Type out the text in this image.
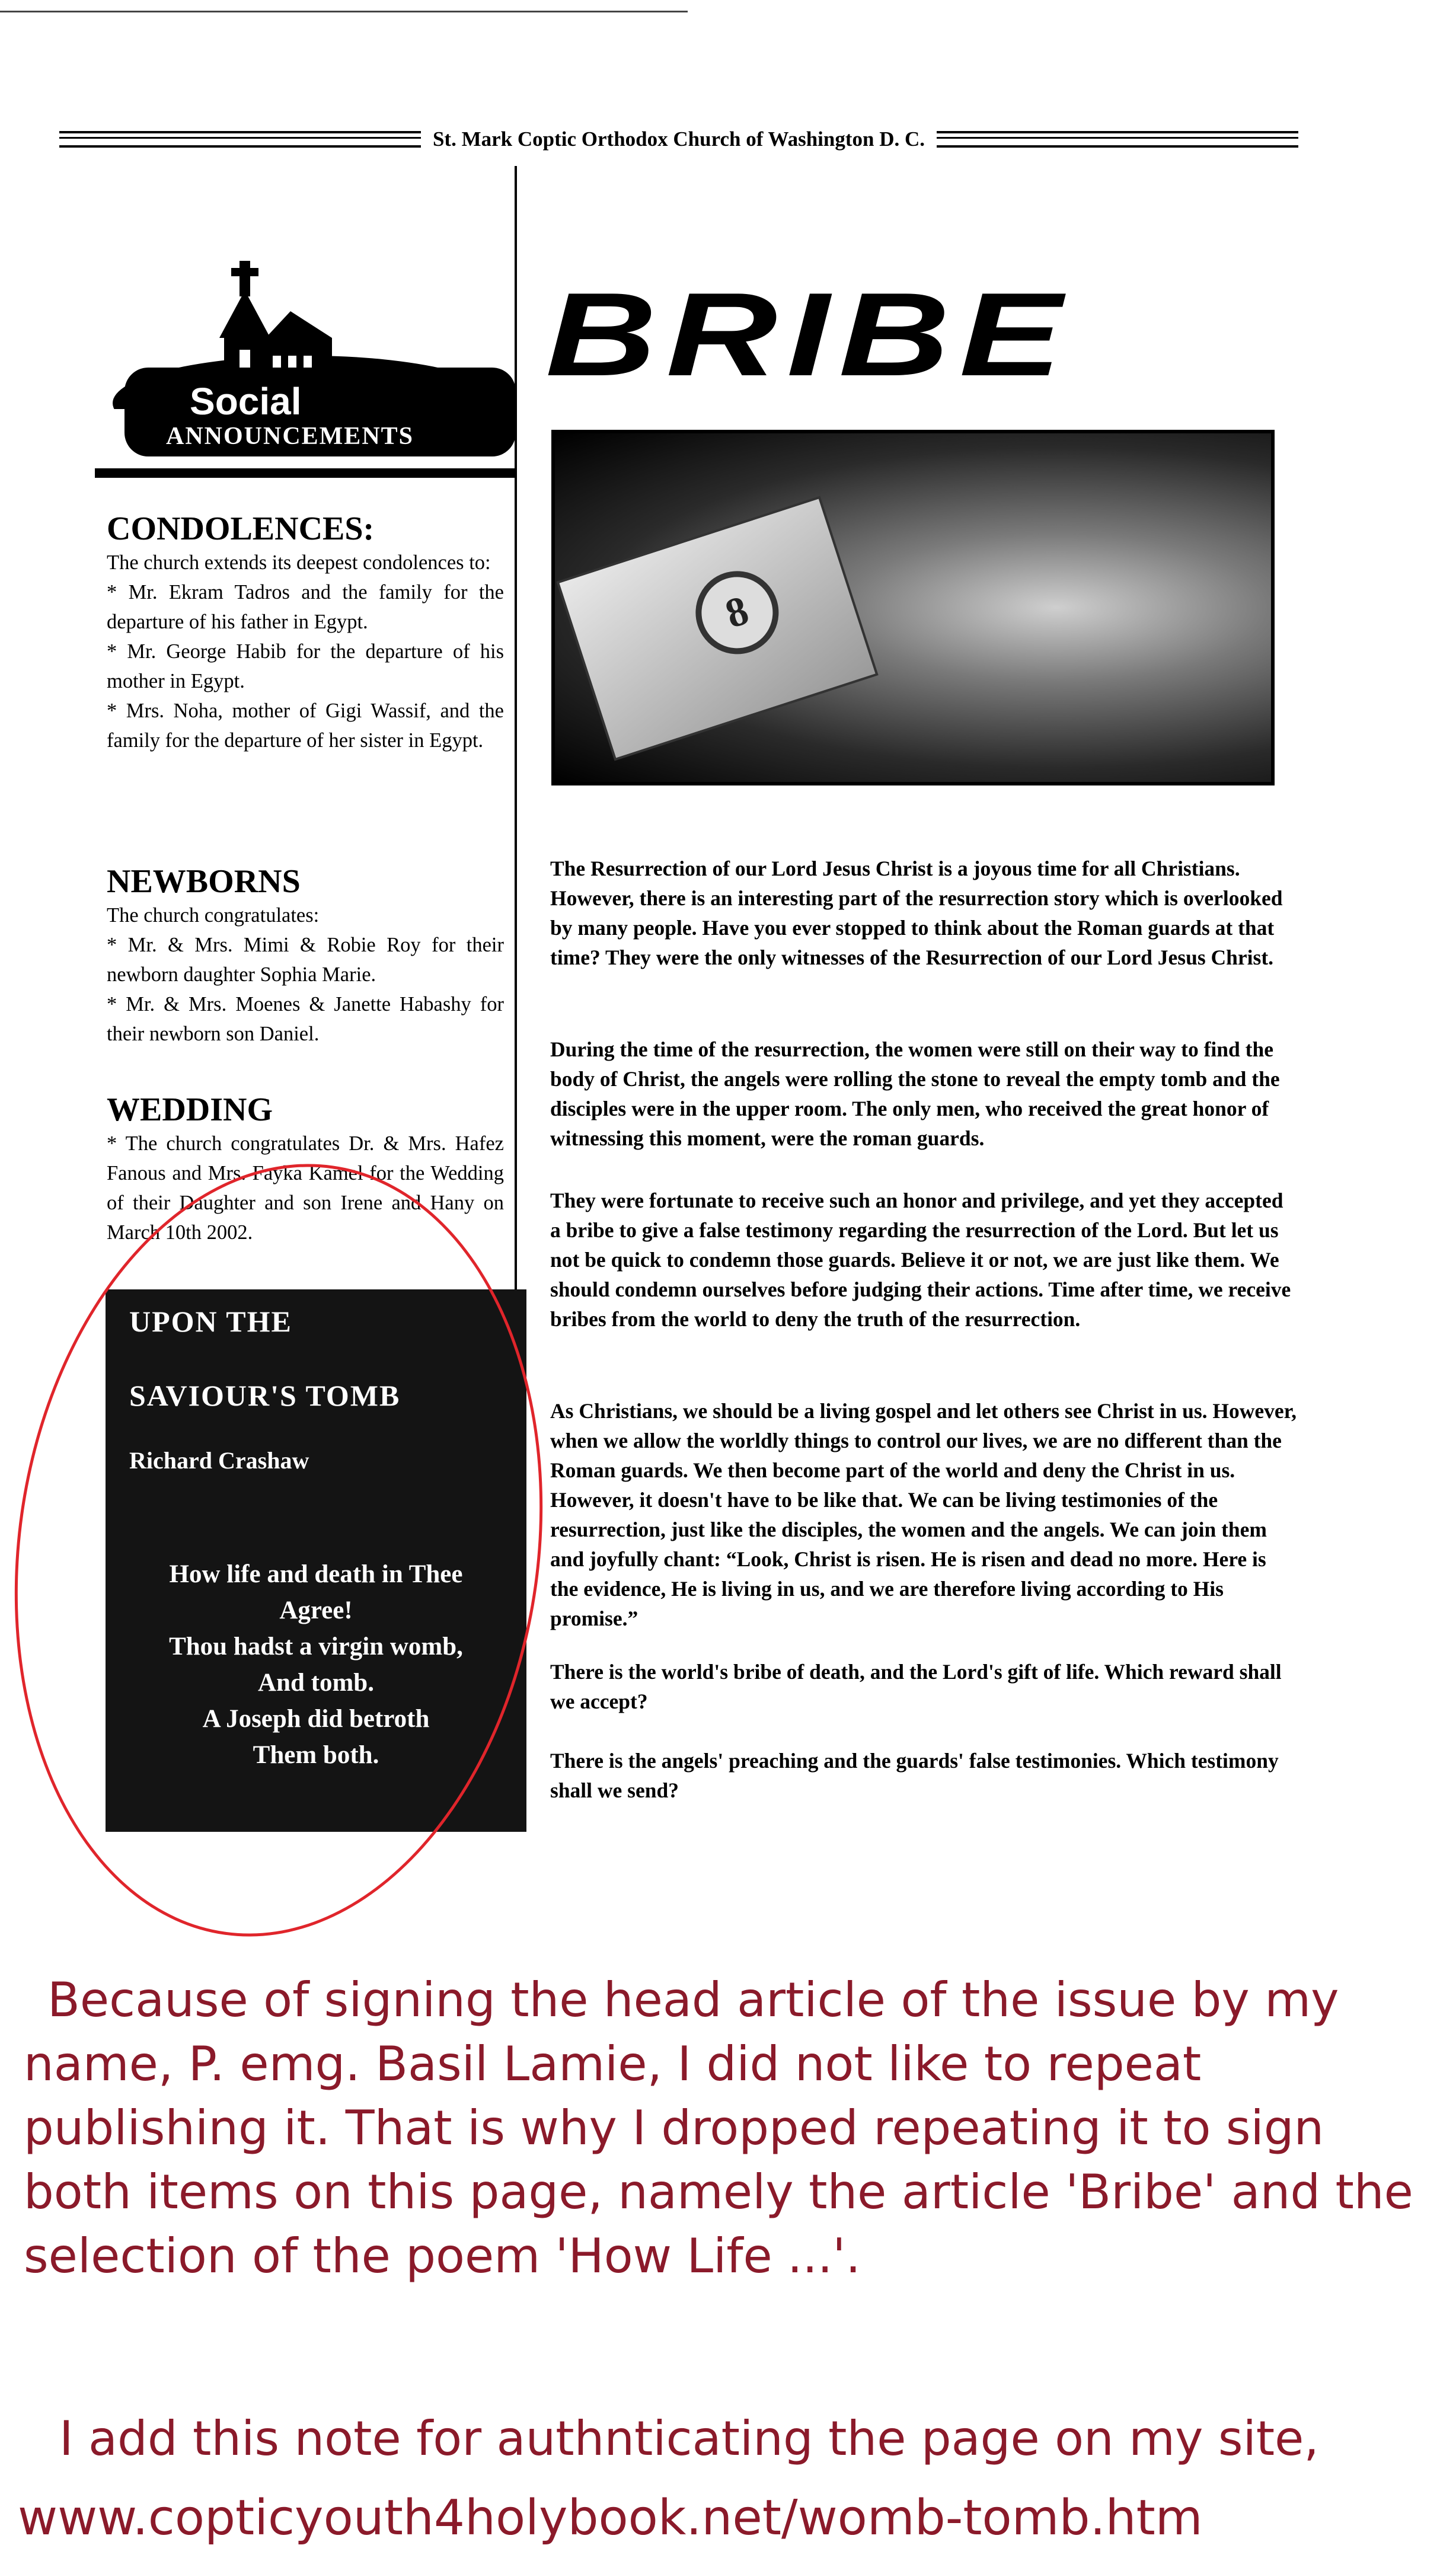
St. Mark Coptic Orthodox Church of Washington D. C.
Social
ANNOUNCEMENTS
CONDOLENCES:
The church extends its deepest condolences to:
* Mr. Ekram Tadros and the family for the departure of his father in Egypt.
* Mr. George Habib for the departure of his mother in Egypt.
* Mrs. Noha, mother of Gigi Wassif, and the family for the departure of her sister in Egypt.
NEWBORNS
The church congratulates:
* Mr. & Mrs. Mimi & Robie Roy for their newborn daughter Sophia Marie.
* Mr. & Mrs. Moenes & Janette Habashy for their newborn son Daniel.
WEDDING
* The church congratulates Dr. & Mrs. Hafez Fanous and Mrs. Fayka Kamel for the Wedding of their Daughter and son Irene and Hany on March 10th 2002.
UPON THE
SAVIOUR'S TOMB
Richard Crashaw
How life and death in Thee
Agree!
Thou hadst a virgin womb,
And tomb.
A Joseph did betroth
Them both.
BRIBE
8
The Resurrection of our Lord Jesus Christ is a joyous time for all Christians. However, there is an interesting part of the resurrection story which is overlooked by many people. Have you ever stopped to think about the Roman guards at that time? They were the only witnesses of the Resurrection of our Lord Jesus Christ.
During the time of the resurrection, the women were still on their way to find the body of Christ, the angels were rolling the stone to reveal the empty tomb and the disciples were in the upper room. The only men, who received the great honor of witnessing this moment, were the roman guards.
They were fortunate to receive such an honor and privilege, and yet they accepted a bribe to give a false testimony regarding the resurrection of the Lord. But let us not be quick to condemn those guards. Believe it or not, we are just like them. We should condemn ourselves before judging their actions. Time after time, we receive bribes from the world to deny the truth of the resurrection.
As Christians, we should be a living gospel and let others see Christ in us. However, when we allow the worldly things to control our lives, we are no different than the Roman guards. We then become part of the world and deny the Christ in us. However, it doesn't have to be like that. We can be living testimonies of the resurrection, just like the disciples, the women and the angels. We can join them and joyfully chant: “Look, Christ is risen. He is risen and dead no more. Here is the evidence, He is living in us, and we are therefore living according to His promise.”
There is the world's bribe of death, and the Lord's gift of life. Which reward shall we accept?
There is the angels' preaching and the guards' false testimonies. Which testimony shall we send?
Because of signing the head article of the issue by my name, P. emg. Basil Lamie, I did not like to repeat publishing it. That is why I dropped repeating it to sign both items on this page, namely the article 'Bribe' and the selection of the poem 'How Life ...'.
I add this note for authnticating the page on my site,
www.copticyouth4holybook.net/womb-tomb.htm
